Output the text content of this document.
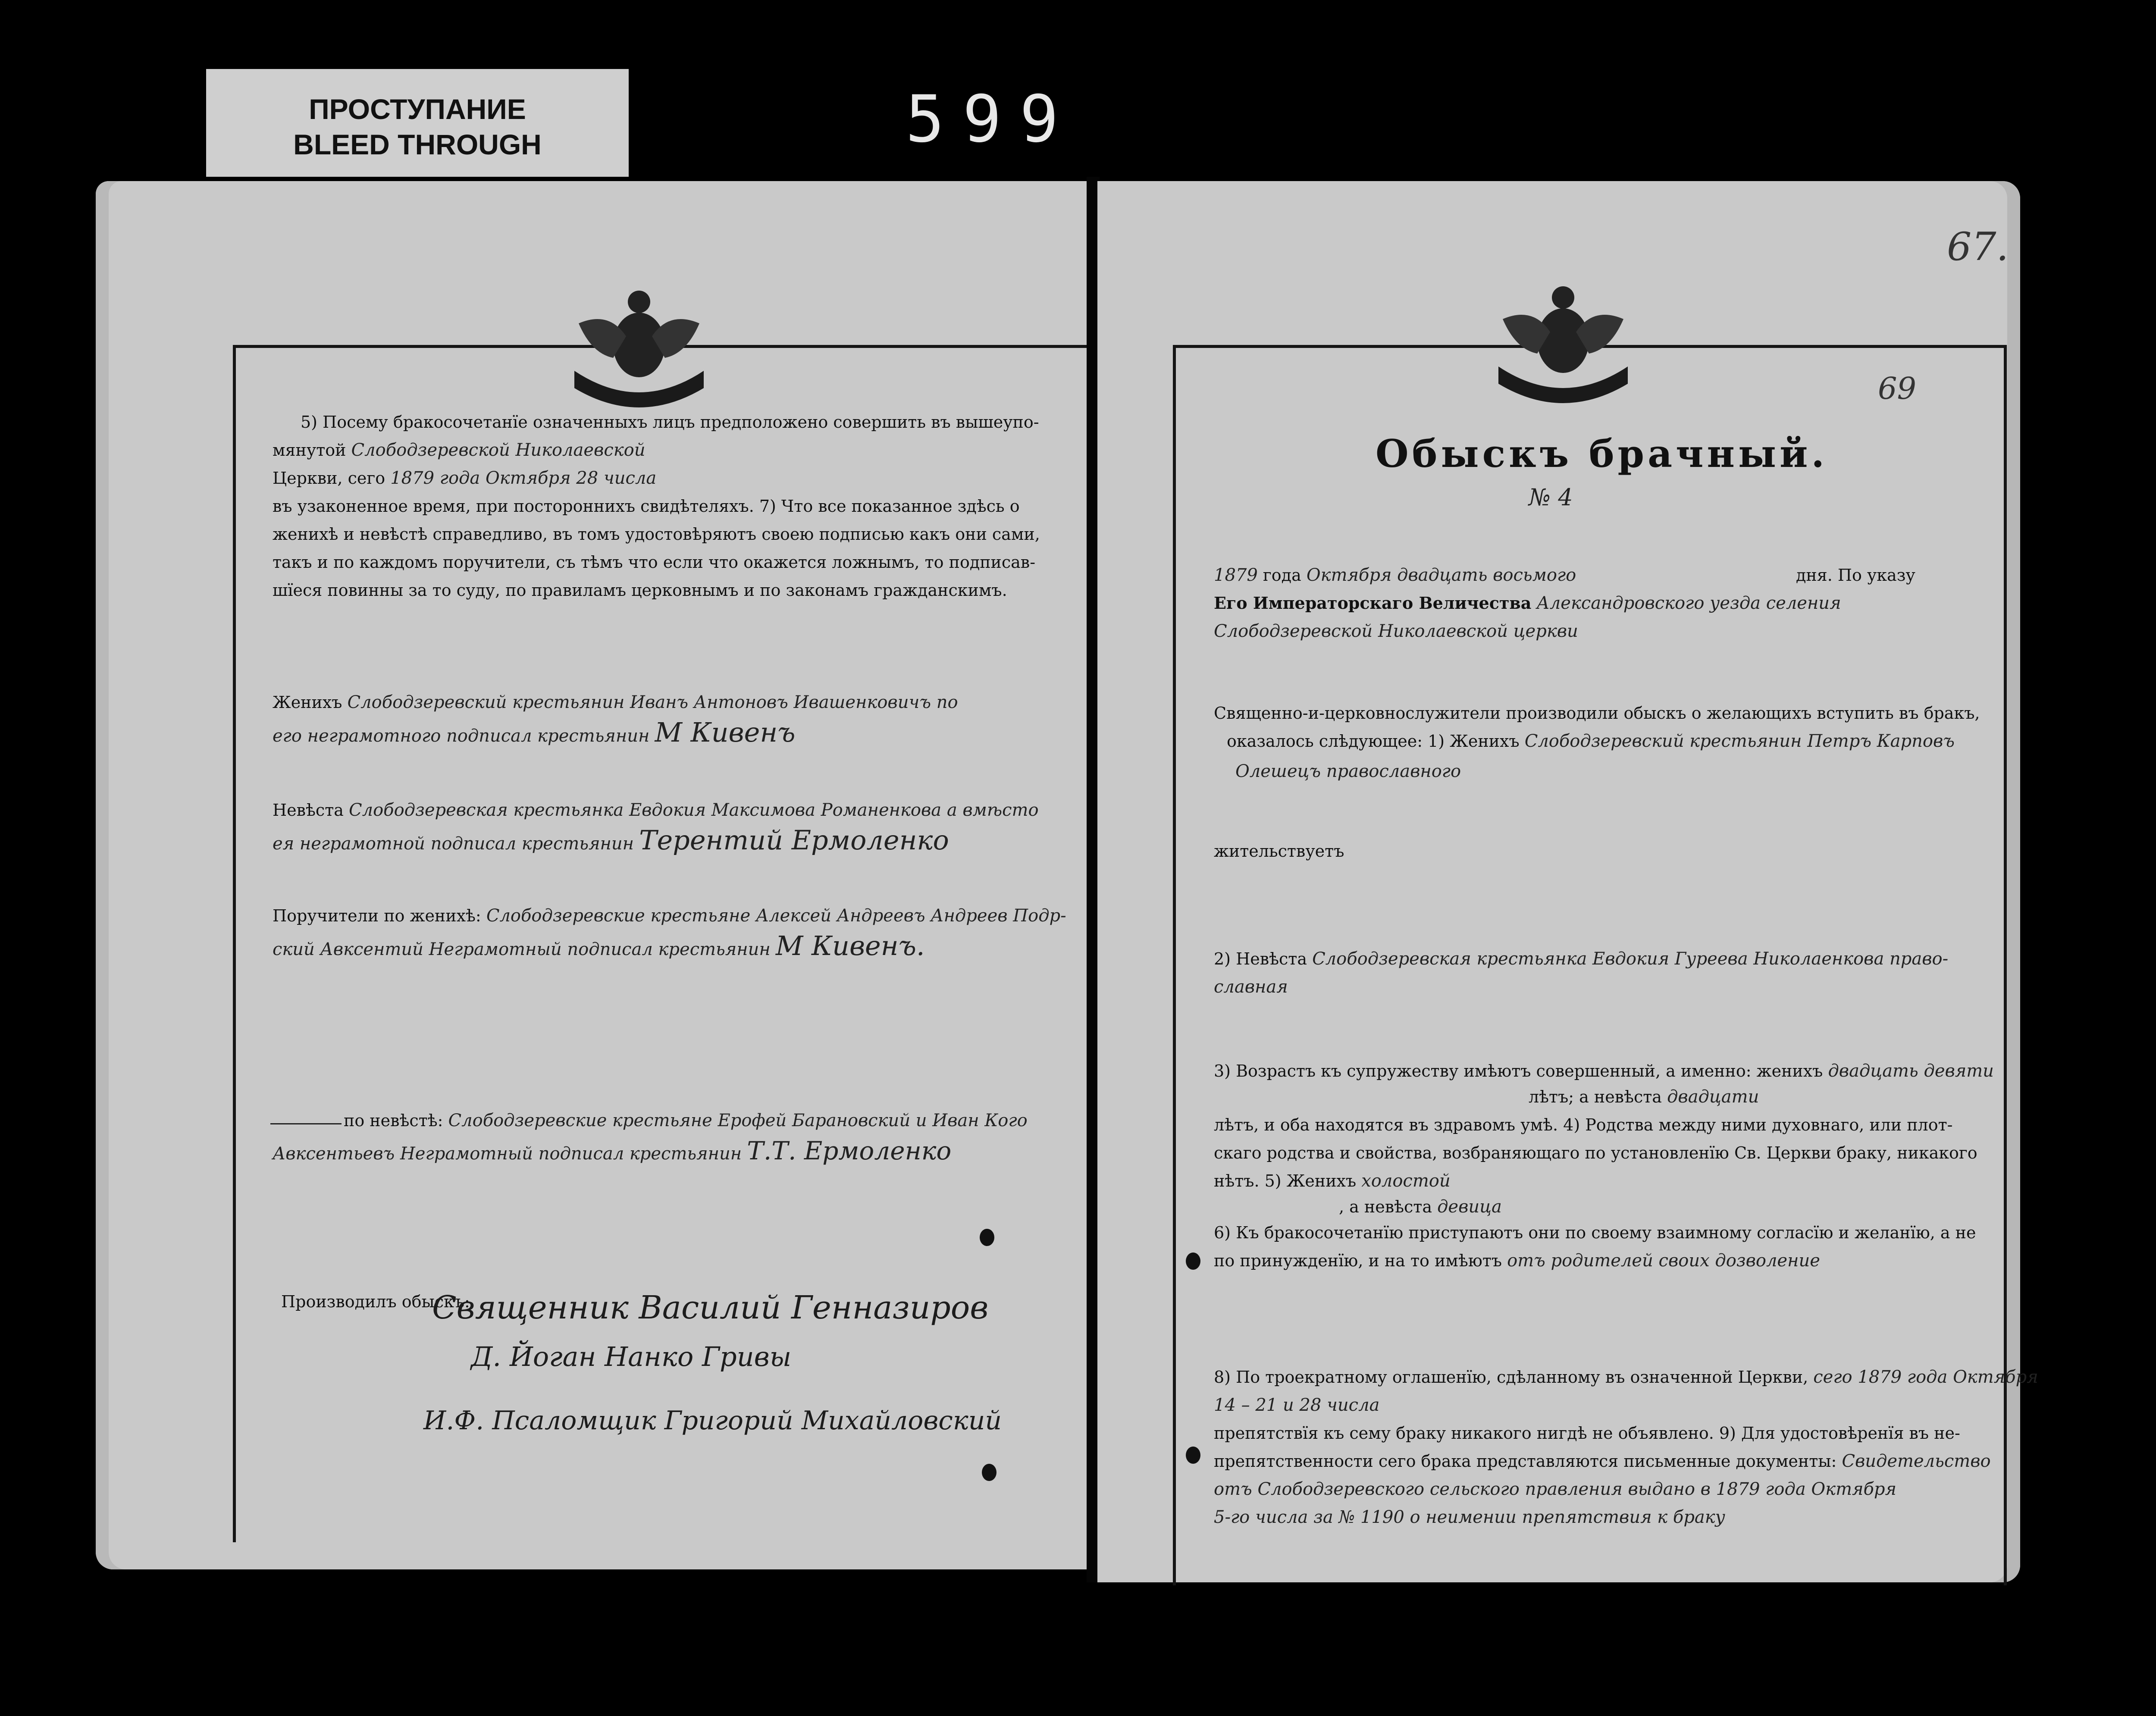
ПРОСТУПАНИЕ
BLEED THROUGH	599
5) Посему бракосочетанїе означенныхъ лицъ предположено совершить въ вышеупо-
мянутой Слободзеревской Николаевской
Церкви, сего 1879 года Октября 28 числа
въ узаконенное время, при постороннихъ свидѣтеляхъ. 7) Что все показанное здѣсь о
женихѣ и невѣстѣ справедливо, въ томъ удостовѣряютъ своею подписью какъ они сами,
такъ и по каждомъ поручители, съ тѣмъ что если что окажется ложнымъ, то подписав-
шїеся повинны за то суду, по правиламъ церковнымъ и по законамъ гражданскимъ.
Женихъ Слободзеревский крестьянин Иванъ Антоновъ Ивашенковичъ по
его неграмотного подписал крестьянин М Кивенъ
Невѣста Слободзеревская крестьянка Евдокия Максимова Романенкова а вмѣсто
ея неграмотной подписал крестьянин Терентий Ермоленко
Поручители по женихѣ: Слободзеревские крестьяне Алексей Андреевъ Андреев Подр-
ский Авксентий Неграмотный подписал крестьянин М Кивенъ.
по невѣстѣ: Слободзеревские крестьяне Ерофей Барановский и Иван Кого
Авксентьевъ Неграмотный подписал крестьянин Т.Т. Ермоленко
Производилъ обыскъ:
Священник Василий Генназиров
Д. Йоган Нанко Гривы
И.Ф. Псаломщик Григорий Михайловский
67.
69
Обыскъ брачный.
№ 4
1879 года Октября двадцать восьмого	дня. По указу
Его Императорскаго Величества Александровского уезда селения
Слободзеревской Николаевской церкви
Священно-и-церковнослужители производили обыскъ о желающихъ вступить въ бракъ,
оказалось слѣдующее: 1) Женихъ Слободзеревский крестьянин Петръ Карповъ
Олешецъ православного
жительствуетъ
2) Невѣста Слободзеревская крестьянка Евдокия Гуреева Николаенкова право-
славная
3) Возрастъ къ супружеству имѣютъ совершенный, а именно: женихъ двадцать девяти
лѣтъ; а невѣста двадцати
лѣтъ, и оба находятся въ здравомъ умѣ. 4) Родства между ними духовнаго, или плот-
скаго родства и свойства, возбраняющаго по установленїю Св. Церкви браку, никакого
нѣтъ. 5) Женихъ холостой
, а невѣста девица
6) Къ бракосочетанїю приступаютъ они по своему взаимному согласїю и желанїю, а не
по принужденїю, и на то имѣютъ отъ родителей своих дозволение
8) По троекратному оглашенїю, сдѣланному въ означенной Церкви, сего 1879 года Октября
14 – 21 и 28 числа
препятствїя къ сему браку никакого нигдѣ не объявлено. 9) Для удостовѣренїя въ не-
препятственности сего брака представляются письменные документы: Свидетельство
отъ Слободзеревского сельского правления выдано в 1879 года Октября
5-го числа за № 1190 о неимении препятствия к браку
